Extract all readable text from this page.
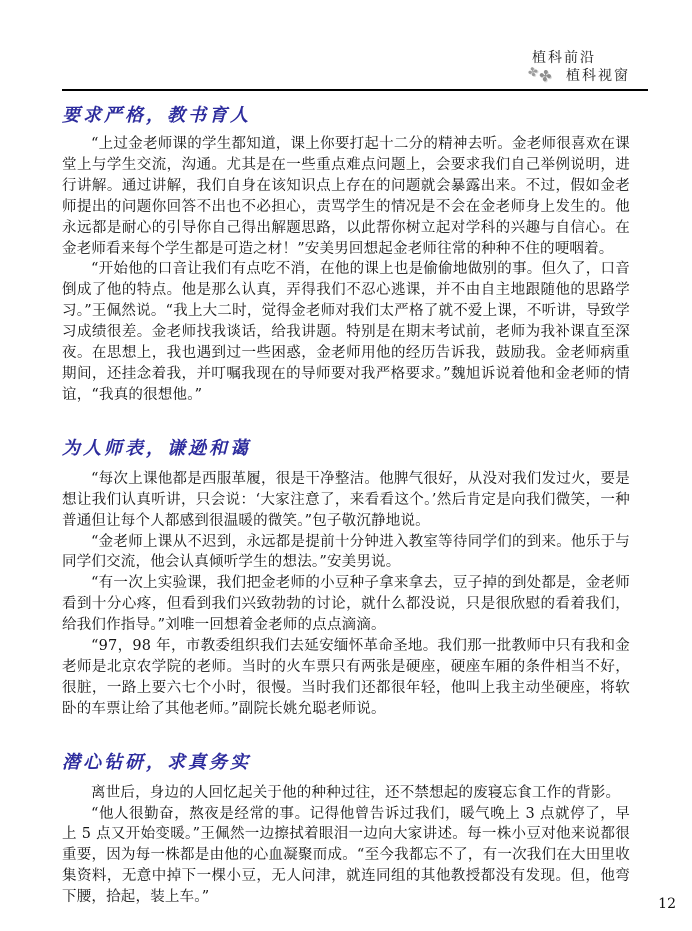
植科前沿
✤✤ 植科视窗
要求严格，教书育人

“上过金老师课的学生都知道，课上你要打起十二分的精神去听。金老师很喜欢在课堂上与学生交流，沟通。尤其是在一些重点难点问题上，会要求我们自己举例说明，进行讲解。通过讲解，我们自身在该知识点上存在的问题就会暴露出来。不过，假如金老师提出的问题你回答不出也不必担心，责骂学生的情况是不会在金老师身上发生的。他永远都是耐心的引导你自己得出解题思路，以此帮你树立起对学科的兴趣与自信心。在金老师看来每个学生都是可造之材！”安美男回想起金老师往常的种种不住的哽咽着。

“开始他的口音让我们有点吃不消，在他的课上也是偷偷地做别的事。但久了，口音倒成了他的特点。他是那么认真，弄得我们不忍心逃课，并不由自主地跟随他的思路学习。”王佩然说。“我上大二时，觉得金老师对我们太严格了就不爱上课，不听讲，导致学习成绩很差。金老师找我谈话，给我讲题。特别是在期末考试前，老师为我补课直至深夜。在思想上，我也遇到过一些困惑，金老师用他的经历告诉我，鼓励我。金老师病重期间，还挂念着我，并叮嘱我现在的导师要对我严格要求。”魏旭诉说着他和金老师的情谊，“我真的很想他。”

为人师表，谦逊和蔼

“每次上课他都是西服革履，很是干净整洁。他脾气很好，从没对我们发过火，要是想让我们认真听讲，只会说：‘大家注意了，来看看这个。’然后肯定是向我们微笑，一种普通但让每个人都感到很温暖的微笑。”包子敬沉静地说。

“金老师上课从不迟到，永远都是提前十分钟进入教室等待同学们的到来。他乐于与同学们交流，他会认真倾听学生的想法。”安美男说。

“有一次上实验课，我们把金老师的小豆种子拿来拿去，豆子掉的到处都是，金老师看到十分心疼，但看到我们兴致勃勃的讨论，就什么都没说，只是很欣慰的看着我们，给我们作指导。”刘唯一回想着金老师的点点滴滴。

“97，98 年，市教委组织我们去延安缅怀革命圣地。我们那一批教师中只有我和金老师是北京农学院的老师。当时的火车票只有两张是硬座，硬座车厢的条件相当不好，很脏，一路上要六七个小时，很慢。当时我们还都很年轻，他叫上我主动坐硬座，将软卧的车票让给了其他老师。”副院长姚允聪老师说。

潜心钻研，求真务实

离世后，身边的人回忆起关于他的种种过往，还不禁想起的废寝忘食工作的背影。

“他人很勤奋，熬夜是经常的事。记得他曾告诉过我们，暖气晚上 3 点就停了，早上 5 点又开始变暖。”王佩然一边擦拭着眼泪一边向大家讲述。每一株小豆对他来说都很重要，因为每一株都是由他的心血凝聚而成。“至今我都忘不了，有一次我们在大田里收集资料，无意中掉下一棵小豆，无人问津，就连同组的其他教授都没有发现。但，他弯下腰，拾起，装上车。”	12
